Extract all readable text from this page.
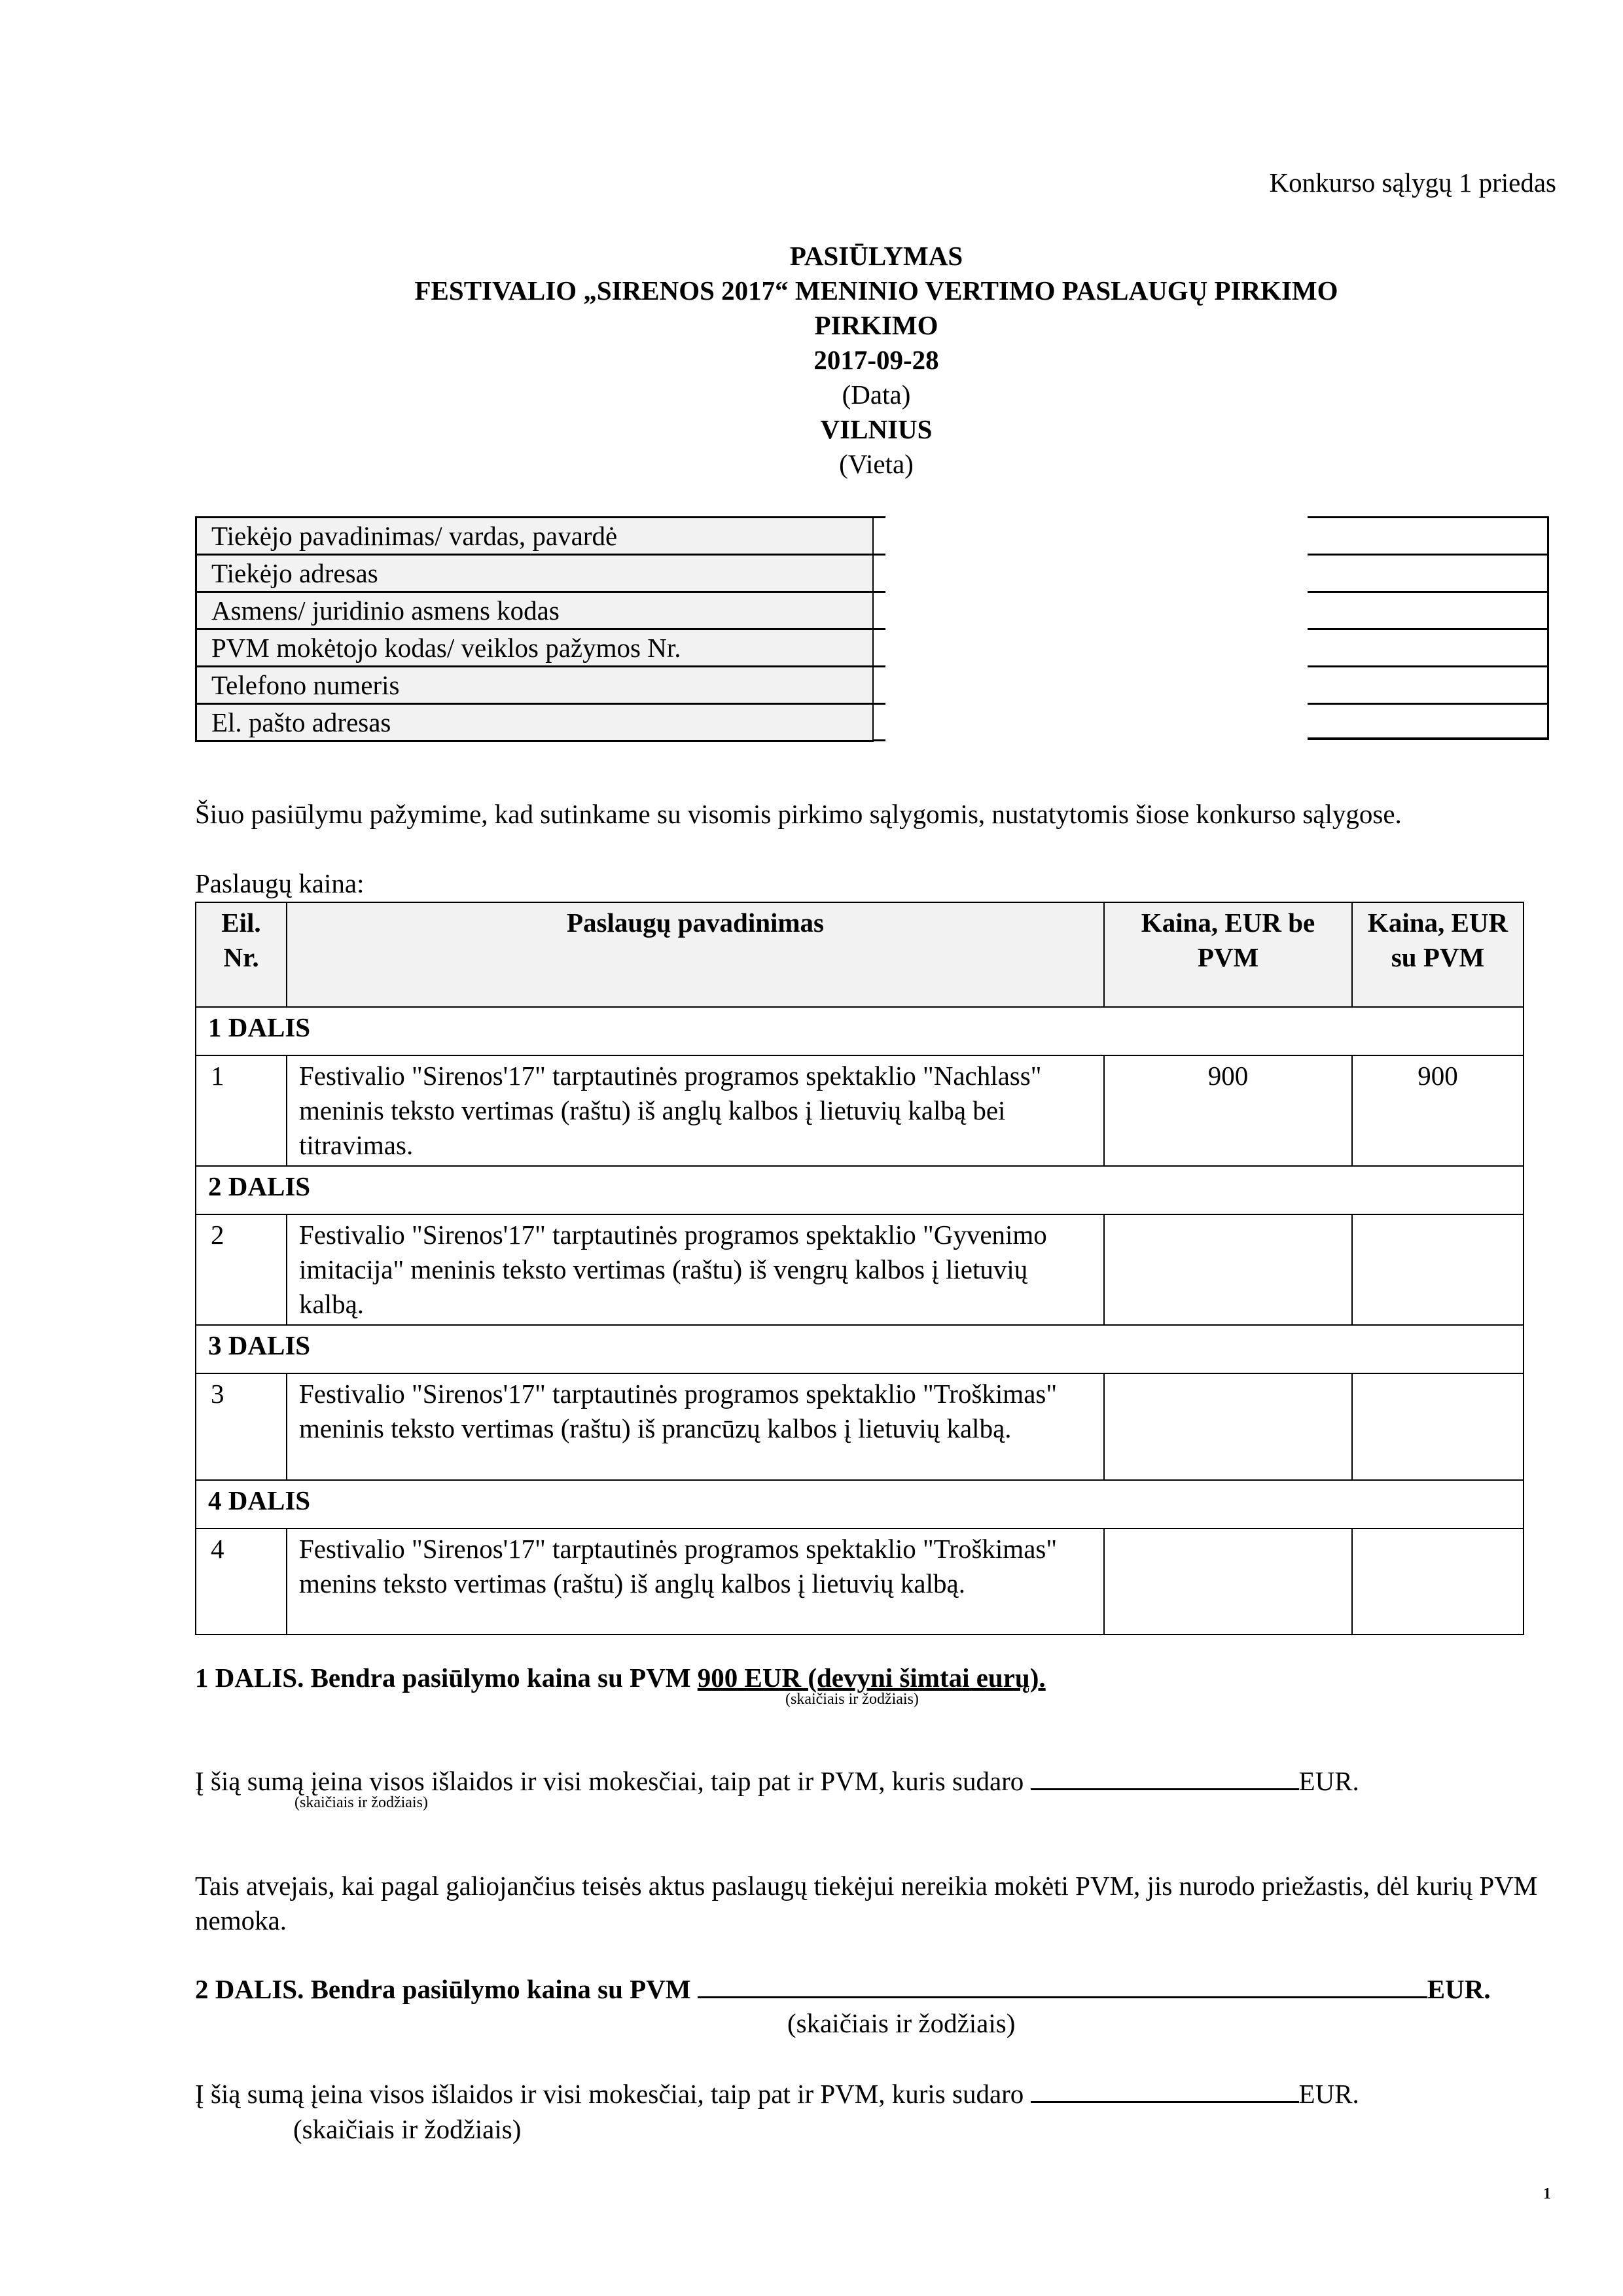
Konkurso sąlygų 1 priedas
PASIŪLYMAS
FESTIVALIO „SIRENOS 2017“ MENINIO VERTIMO PASLAUGŲ PIRKIMO
PIRKIMO
2017-09-28
(Data)
VILNIUS
(Vieta)
Tiekėjo pavadinimas/ vardas, pavardė
Tiekėjo adresas
Asmens/ juridinio asmens kodas
PVM mokėtojo kodas/ veiklos pažymos Nr.
Telefono numeris
El. pašto adresas
Šiuo pasiūlymu pažymime, kad sutinkame su visomis pirkimo sąlygomis, nustatytomis šiose konkurso sąlygose.
Paslaugų kaina:
Eil. Nr.	Paslaugų pavadinimas	Kaina, EUR be PVM	Kaina, EUR su PVM
1 DALIS			
1	Festivalio "Sirenos'17" tarptautinės programos spektaklio "Nachlass" meninis teksto vertimas (raštu) iš anglų kalbos į lietuvių kalbą bei titravimas.	900	900
2 DALIS			
2	Festivalio "Sirenos'17" tarptautinės programos spektaklio "Gyvenimo imitacija" meninis teksto vertimas (raštu) iš vengrų kalbos į lietuvių kalbą.		
3 DALIS			
3	Festivalio "Sirenos'17" tarptautinės programos spektaklio "Troškimas" meninis teksto vertimas (raštu) iš prancūzų kalbos į lietuvių kalbą.		
4 DALIS			
4	Festivalio "Sirenos'17" tarptautinės programos spektaklio "Troškimas" menins teksto vertimas (raštu) iš anglų kalbos į lietuvių kalbą.		
1 DALIS. Bendra pasiūlymo kaina su PVM 900 EUR (devyni šimtai eurų).
(skaičiais ir žodžiais)
Į šią sumą įeina visos išlaidos ir visi mokesčiai, taip pat ir PVM, kuris sudaro	EUR.
(skaičiais ir žodžiais)
Tais atvejais, kai pagal galiojančius teisės aktus paslaugų tiekėjui nereikia mokėti PVM, jis nurodo priežastis, dėl kurių PVM nemoka.
2 DALIS. Bendra pasiūlymo kaina su PVM	EUR.
(skaičiais ir žodžiais)
Į šią sumą įeina visos išlaidos ir visi mokesčiai, taip pat ir PVM, kuris sudaro	EUR.
(skaičiais ir žodžiais)
1
